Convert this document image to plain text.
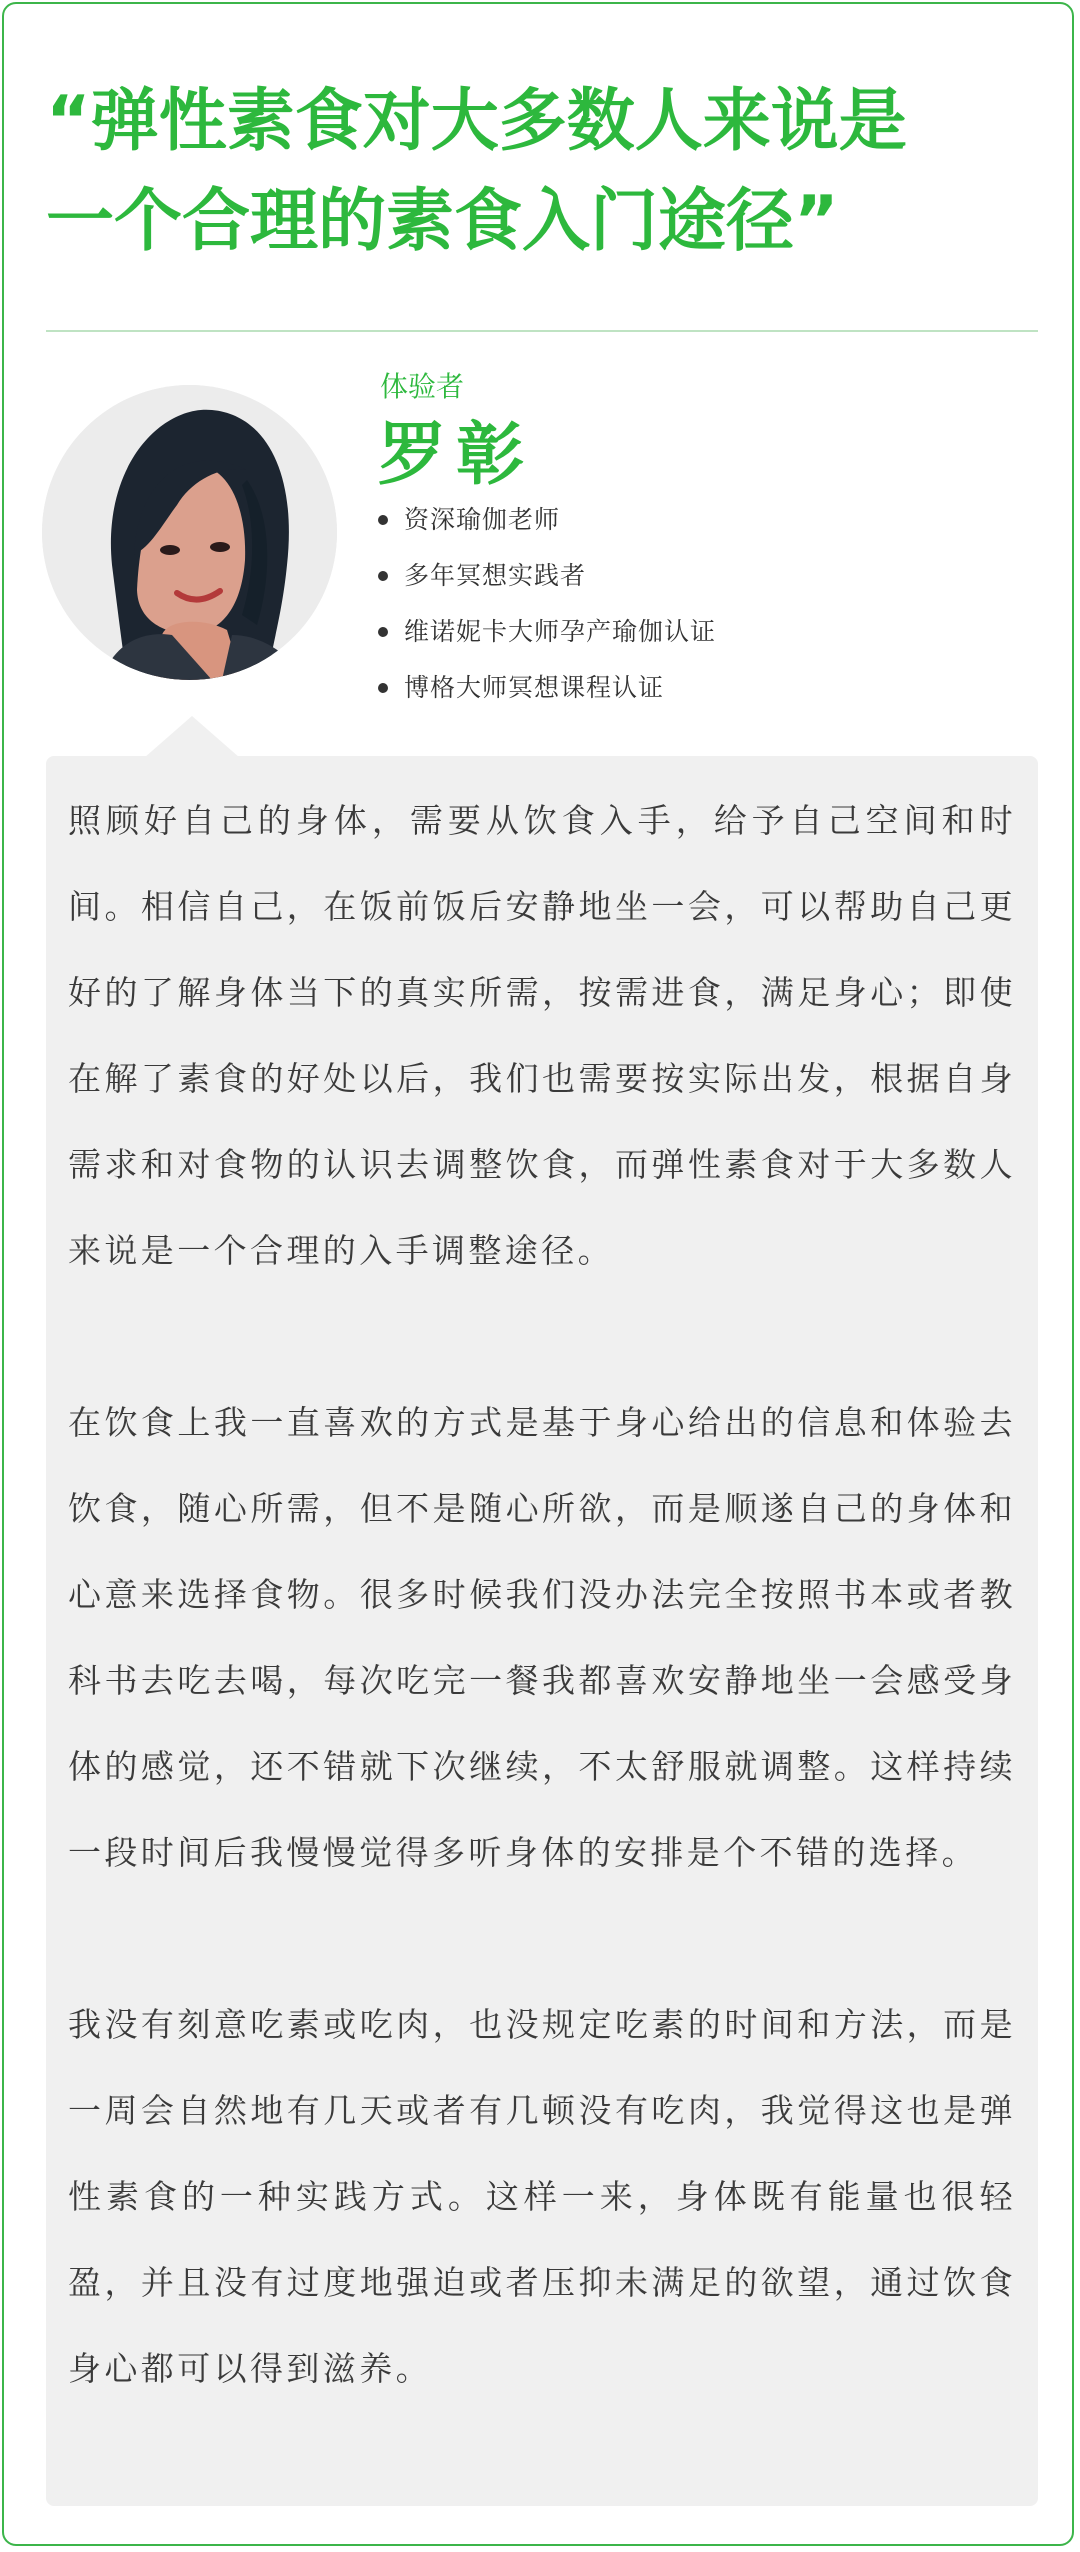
“弹性素食对大多数人来说是
一个合理的素食入门途径”
体验者
罗彰
资深瑜伽老师
多年冥想实践者
维诺妮卡大师孕产瑜伽认证
博格大师冥想课程认证

照顾好自己的身体，需要从饮食入手，给予自己空间和时间。相信自己，在饭前饭后安静地坐一会，可以帮助自己更好的了解身体当下的真实所需，按需进食，满足身心；即使在解了素食的好处以后，我们也需要按实际出发，根据自身需求和对食物的认识去调整饮食，而弹性素食对于大多数人来说是一个合理的入手调整途径。

在饮食上我一直喜欢的方式是基于身心给出的信息和体验去饮食，随心所需，但不是随心所欲，而是顺遂自己的身体和心意来选择食物。很多时候我们没办法完全按照书本或者教科书去吃去喝，每次吃完一餐我都喜欢安静地坐一会感受身体的感觉，还不错就下次继续，不太舒服就调整。这样持续一段时间后我慢慢觉得多听身体的安排是个不错的选择。

我没有刻意吃素或吃肉，也没规定吃素的时间和方法，而是一周会自然地有几天或者有几顿没有吃肉，我觉得这也是弹性素食的一种实践方式。这样一来，身体既有能量也很轻盈，并且没有过度地强迫或者压抑未满足的欲望，通过饮食身心都可以得到滋养。
